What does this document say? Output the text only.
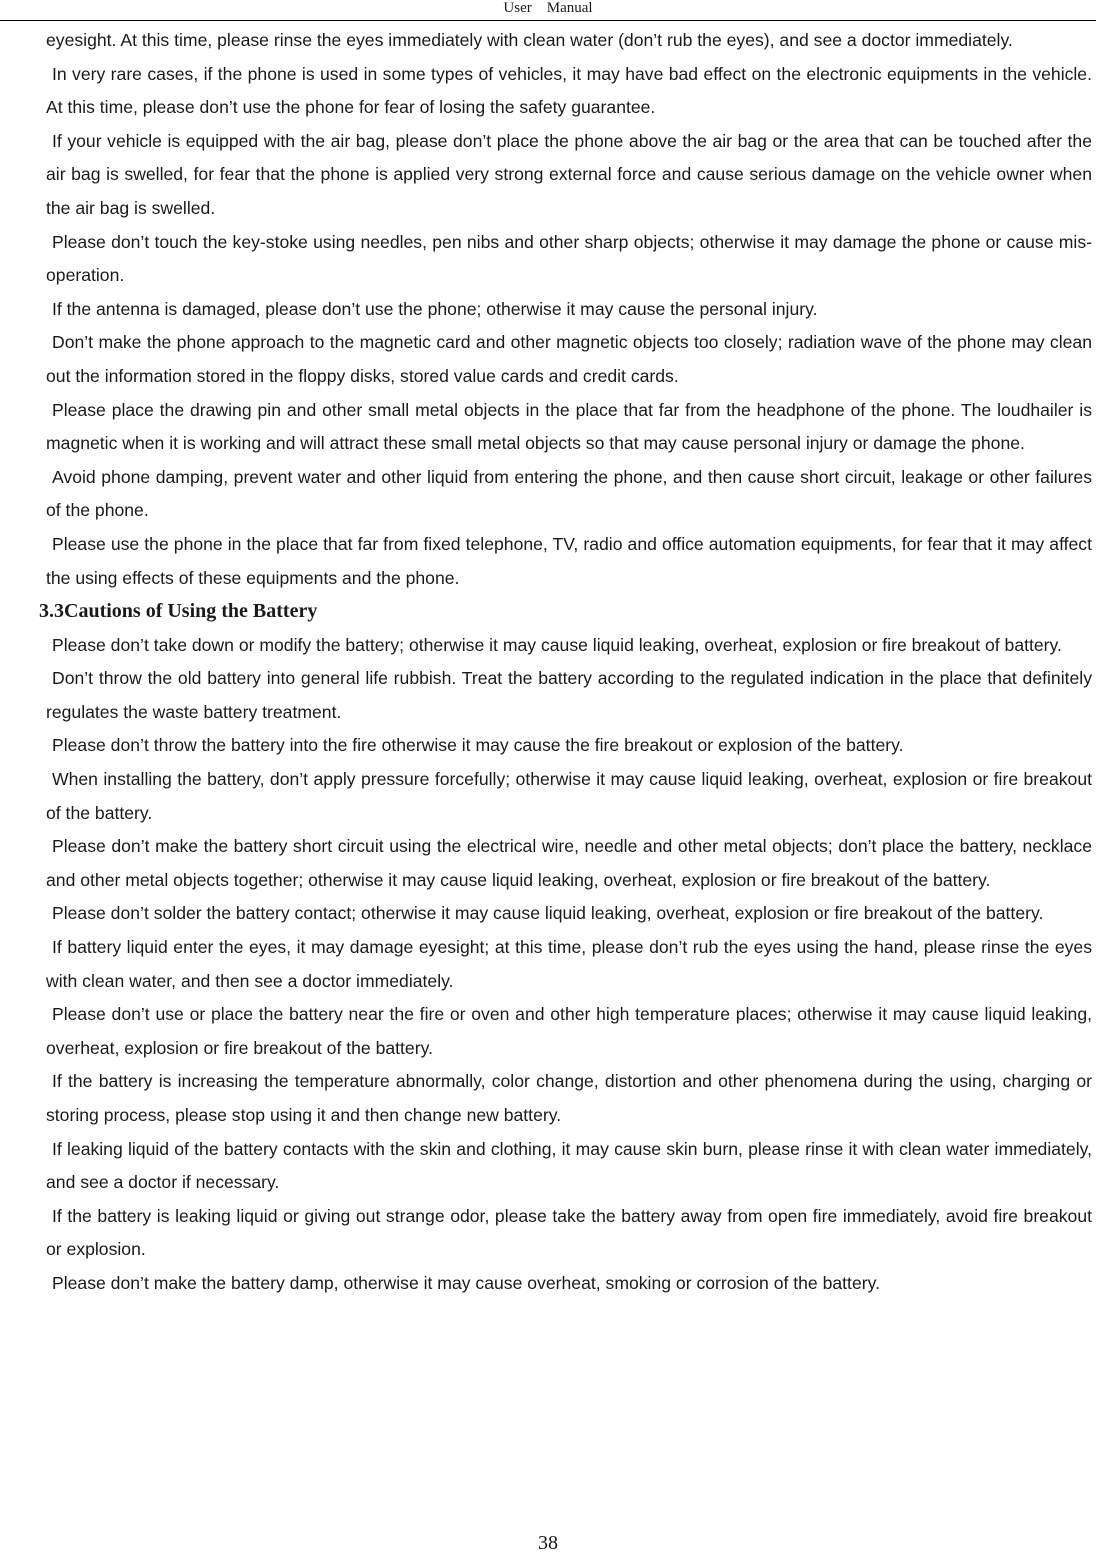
User    Manual

eyesight. At this time, please rinse the eyes immediately with clean water (don’t rub the eyes), and see a doctor immediately.

In very rare cases, if the phone is used in some types of vehicles, it may have bad effect on the electronic equipments in the vehicle. At this time, please don’t use the phone for fear of losing the safety guarantee.

If your vehicle is equipped with the air bag, please don’t place the phone above the air bag or the area that can be touched after the air bag is swelled, for fear that the phone is applied very strong external force and cause serious damage on the vehicle owner when the air bag is swelled.

Please don’t touch the key-stoke using needles, pen nibs and other sharp objects; otherwise it may damage the phone or cause mis-operation.

If the antenna is damaged, please don’t use the phone; otherwise it may cause the personal injury.

Don’t make the phone approach to the magnetic card and other magnetic objects too closely; radiation wave of the phone may clean out the information stored in the floppy disks, stored value cards and credit cards.

Please place the drawing pin and other small metal objects in the place that far from the headphone of the phone. The loudhailer is magnetic when it is working and will attract these small metal objects so that may cause personal injury or damage the phone.

Avoid phone damping, prevent water and other liquid from entering the phone, and then cause short circuit, leakage or other failures of the phone.

Please use the phone in the place that far from fixed telephone, TV, radio and office automation equipments, for fear that it may affect the using effects of these equipments and the phone.

3.3Cautions of Using the Battery

Please don’t take down or modify the battery; otherwise it may cause liquid leaking, overheat, explosion or fire breakout of battery.

Don’t throw the old battery into general life rubbish. Treat the battery according to the regulated indication in the place that definitely regulates the waste battery treatment.

Please don’t throw the battery into the fire otherwise it may cause the fire breakout or explosion of the battery.

When installing the battery, don’t apply pressure forcefully; otherwise it may cause liquid leaking, overheat, explosion or fire breakout of the battery.

Please don’t make the battery short circuit using the electrical wire, needle and other metal objects; don’t place the battery, necklace and other metal objects together; otherwise it may cause liquid leaking, overheat, explosion or fire breakout of the battery.

Please don’t solder the battery contact; otherwise it may cause liquid leaking, overheat, explosion or fire breakout of the battery.

If battery liquid enter the eyes, it may damage eyesight; at this time, please don’t rub the eyes using the hand, please rinse the eyes with clean water, and then see a doctor immediately.

Please don’t use or place the battery near the fire or oven and other high temperature places; otherwise it may cause liquid leaking, overheat, explosion or fire breakout of the battery.

If the battery is increasing the temperature abnormally, color change, distortion and other phenomena during the using, charging or storing process, please stop using it and then change new battery.

If leaking liquid of the battery contacts with the skin and clothing, it may cause skin burn, please rinse it with clean water immediately, and see a doctor if necessary.

If the battery is leaking liquid or giving out strange odor, please take the battery away from open fire immediately, avoid fire breakout or explosion.

Please don’t make the battery damp, otherwise it may cause overheat, smoking or corrosion of the battery.

38
